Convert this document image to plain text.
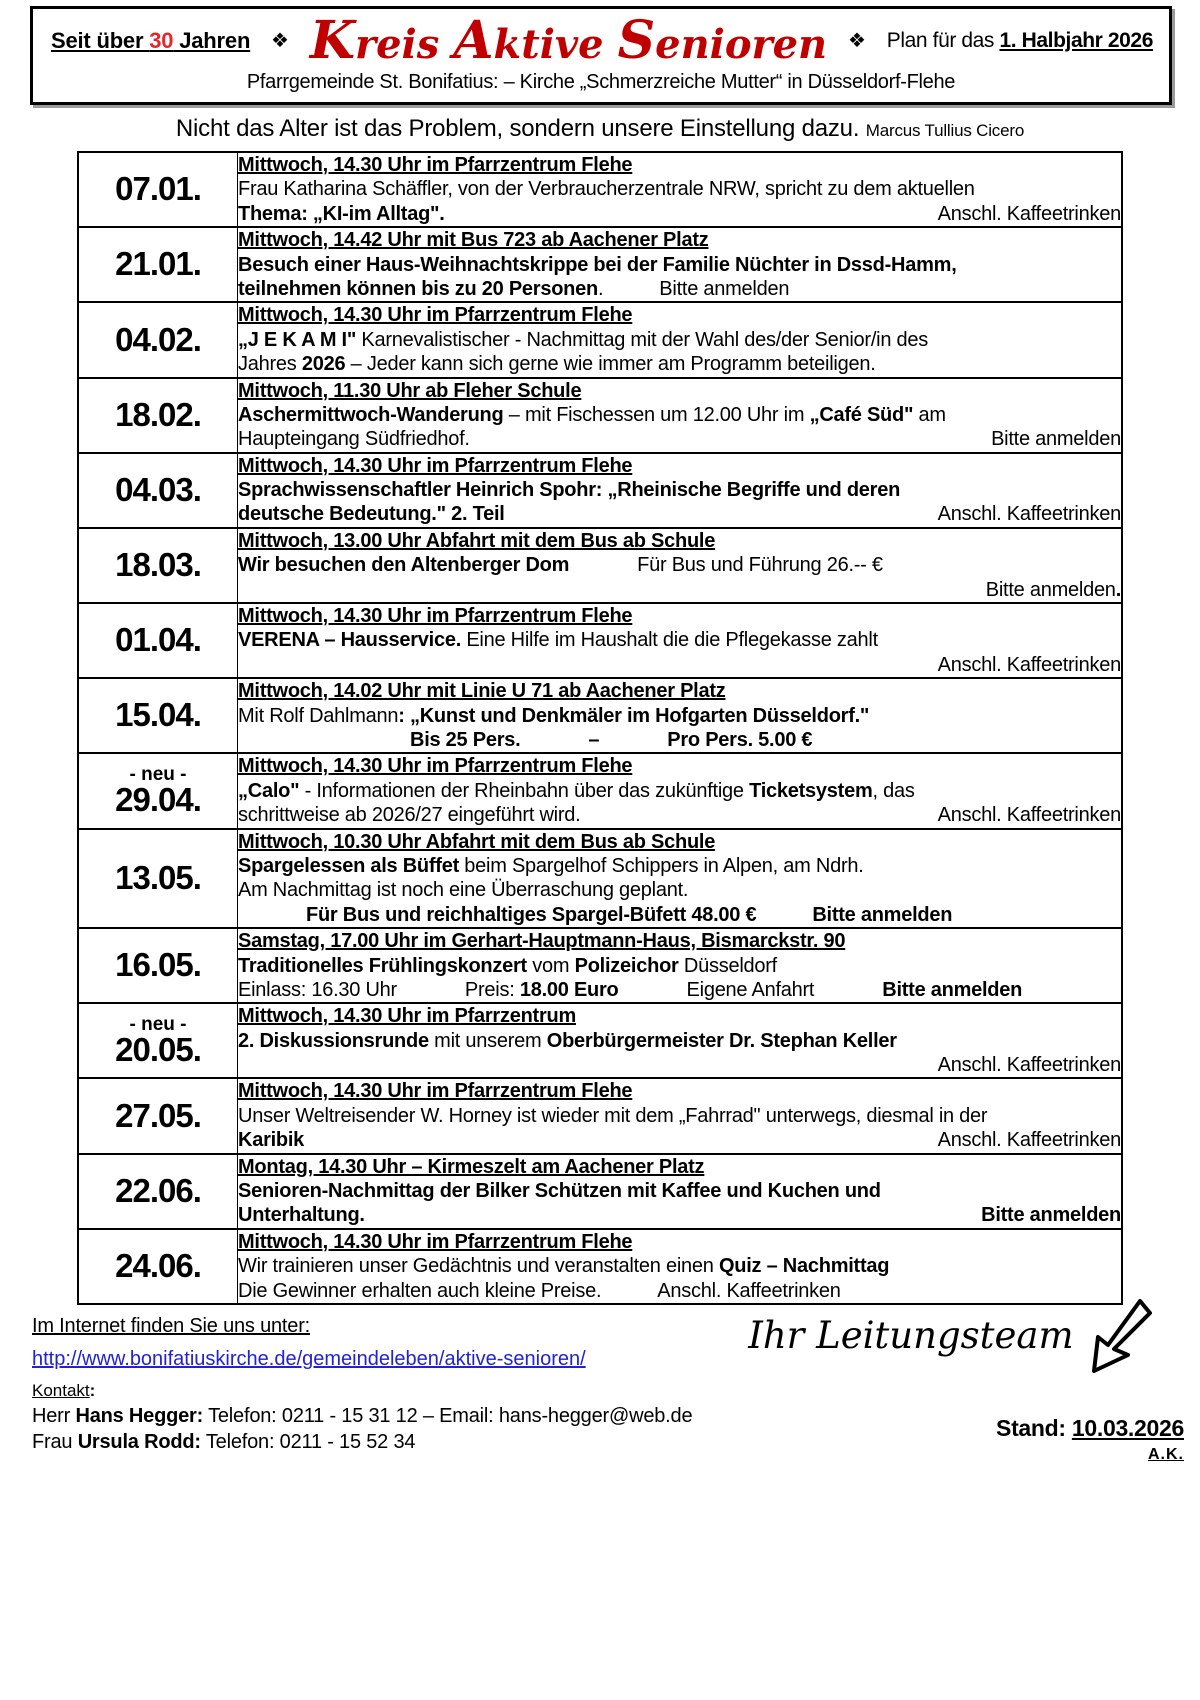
Seit über 30 Jahren	❖ Kreis Aktive Senioren	❖ Plan für das 1. Halbjahr 2026
Pfarrgemeinde St. Bonifatius: – Kirche „Schmerzreiche Mutter“ in Düsseldorf-Flehe
Nicht das Alter ist das Problem, sondern unsere Einstellung dazu. Marcus Tullius Cicero
07.01.	Mittwoch, 14.30 Uhr im Pfarrzentrum Flehe
Frau Katharina Schäffler, von der Verbraucherzentrale NRW, spricht zu dem aktuellen
Thema: „KI-im Alltag". Anschl. Kaffeetrinken

21.01.	Mittwoch, 14.42 Uhr mit Bus 723 ab Aachener Platz
Besuch einer Haus-Weihnachtskrippe bei der Familie Nüchter in Dssd-Hamm,
teilnehmen können bis zu 20 Personen. Bitte anmelden

04.02.	Mittwoch, 14.30 Uhr im Pfarrzentrum Flehe
„J E K A M I" Karnevalistischer - Nachmittag mit der Wahl des/der Senior/in des
Jahres 2026 – Jeder kann sich gerne wie immer am Programm beteiligen.

18.02.	Mittwoch, 11.30 Uhr ab Fleher Schule
Aschermittwoch-Wanderung – mit Fischessen um 12.00 Uhr im „Café Süd" am
Haupteingang Südfriedhof. Bitte anmelden

04.03.	Mittwoch, 14.30 Uhr im Pfarrzentrum Flehe
Sprachwissenschaftler Heinrich Spohr: „Rheinische Begriffe und deren
deutsche Bedeutung." 2. Teil Anschl. Kaffeetrinken

18.03.	Mittwoch, 13.00 Uhr Abfahrt mit dem Bus ab Schule
Wir besuchen den Altenberger Dom Für Bus und Führung 26.-- €
Bitte anmelden.

01.04.	Mittwoch, 14.30 Uhr im Pfarrzentrum Flehe
VERENA – Hausservice. Eine Hilfe im Haushalt die die Pflegekasse zahlt
Anschl. Kaffeetrinken

15.04.	Mittwoch, 14.02 Uhr mit Linie U 71 ab Aachener Platz
Mit Rolf Dahlmann: „Kunst und Denkmäler im Hofgarten Düsseldorf."
Bis 25 Pers. – Pro Pers. 5.00 €

- neu -
29.04.	Mittwoch, 14.30 Uhr im Pfarrzentrum Flehe
„Calo" - Informationen der Rheinbahn über das zukünftige Ticketsystem, das
schrittweise ab 2026/27 eingeführt wird. Anschl. Kaffeetrinken

13.05.	Mittwoch, 10.30 Uhr Abfahrt mit dem Bus ab Schule
Spargelessen als Büffet beim Spargelhof Schippers in Alpen, am Ndrh.
Am Nachmittag ist noch eine Überraschung geplant.
Für Bus und reichhaltiges Spargel-Büfett 48.00 € Bitte anmelden

16.05.	Samstag, 17.00 Uhr im Gerhart-Hauptmann-Haus, Bismarckstr. 90
Traditionelles Frühlingskonzert vom Polizeichor Düsseldorf
Einlass: 16.30 Uhr Preis: 18.00 Euro Eigene Anfahrt Bitte anmelden

- neu -
20.05.	Mittwoch, 14.30 Uhr im Pfarrzentrum
2. Diskussionsrunde mit unserem Oberbürgermeister Dr. Stephan Keller
Anschl. Kaffeetrinken

27.05.	Mittwoch, 14.30 Uhr im Pfarrzentrum Flehe
Unser Weltreisender W. Horney ist wieder mit dem „Fahrrad" unterwegs, diesmal in der
Karibik Anschl. Kaffeetrinken

22.06.	Montag, 14.30 Uhr – Kirmeszelt am Aachener Platz
Senioren-Nachmittag der Bilker Schützen mit Kaffee und Kuchen und
Unterhaltung. Bitte anmelden

24.06.	Mittwoch, 14.30 Uhr im Pfarrzentrum Flehe
Wir trainieren unser Gedächtnis und veranstalten einen Quiz – Nachmittag
Die Gewinner erhalten auch kleine Preise. Anschl. Kaffeetrinken
Im Internet finden Sie uns unter:
http://www.bonifatiuskirche.de/gemeindeleben/aktive-senioren/
Kontakt:
Herr Hans Hegger: Telefon: 0211 - 15 31 12 – Email: hans-hegger@web.de
Frau Ursula Rodd: Telefon: 0211 - 15 52 34
Ihr Leitungsteam
Stand: 10.03.2026
A.K.
